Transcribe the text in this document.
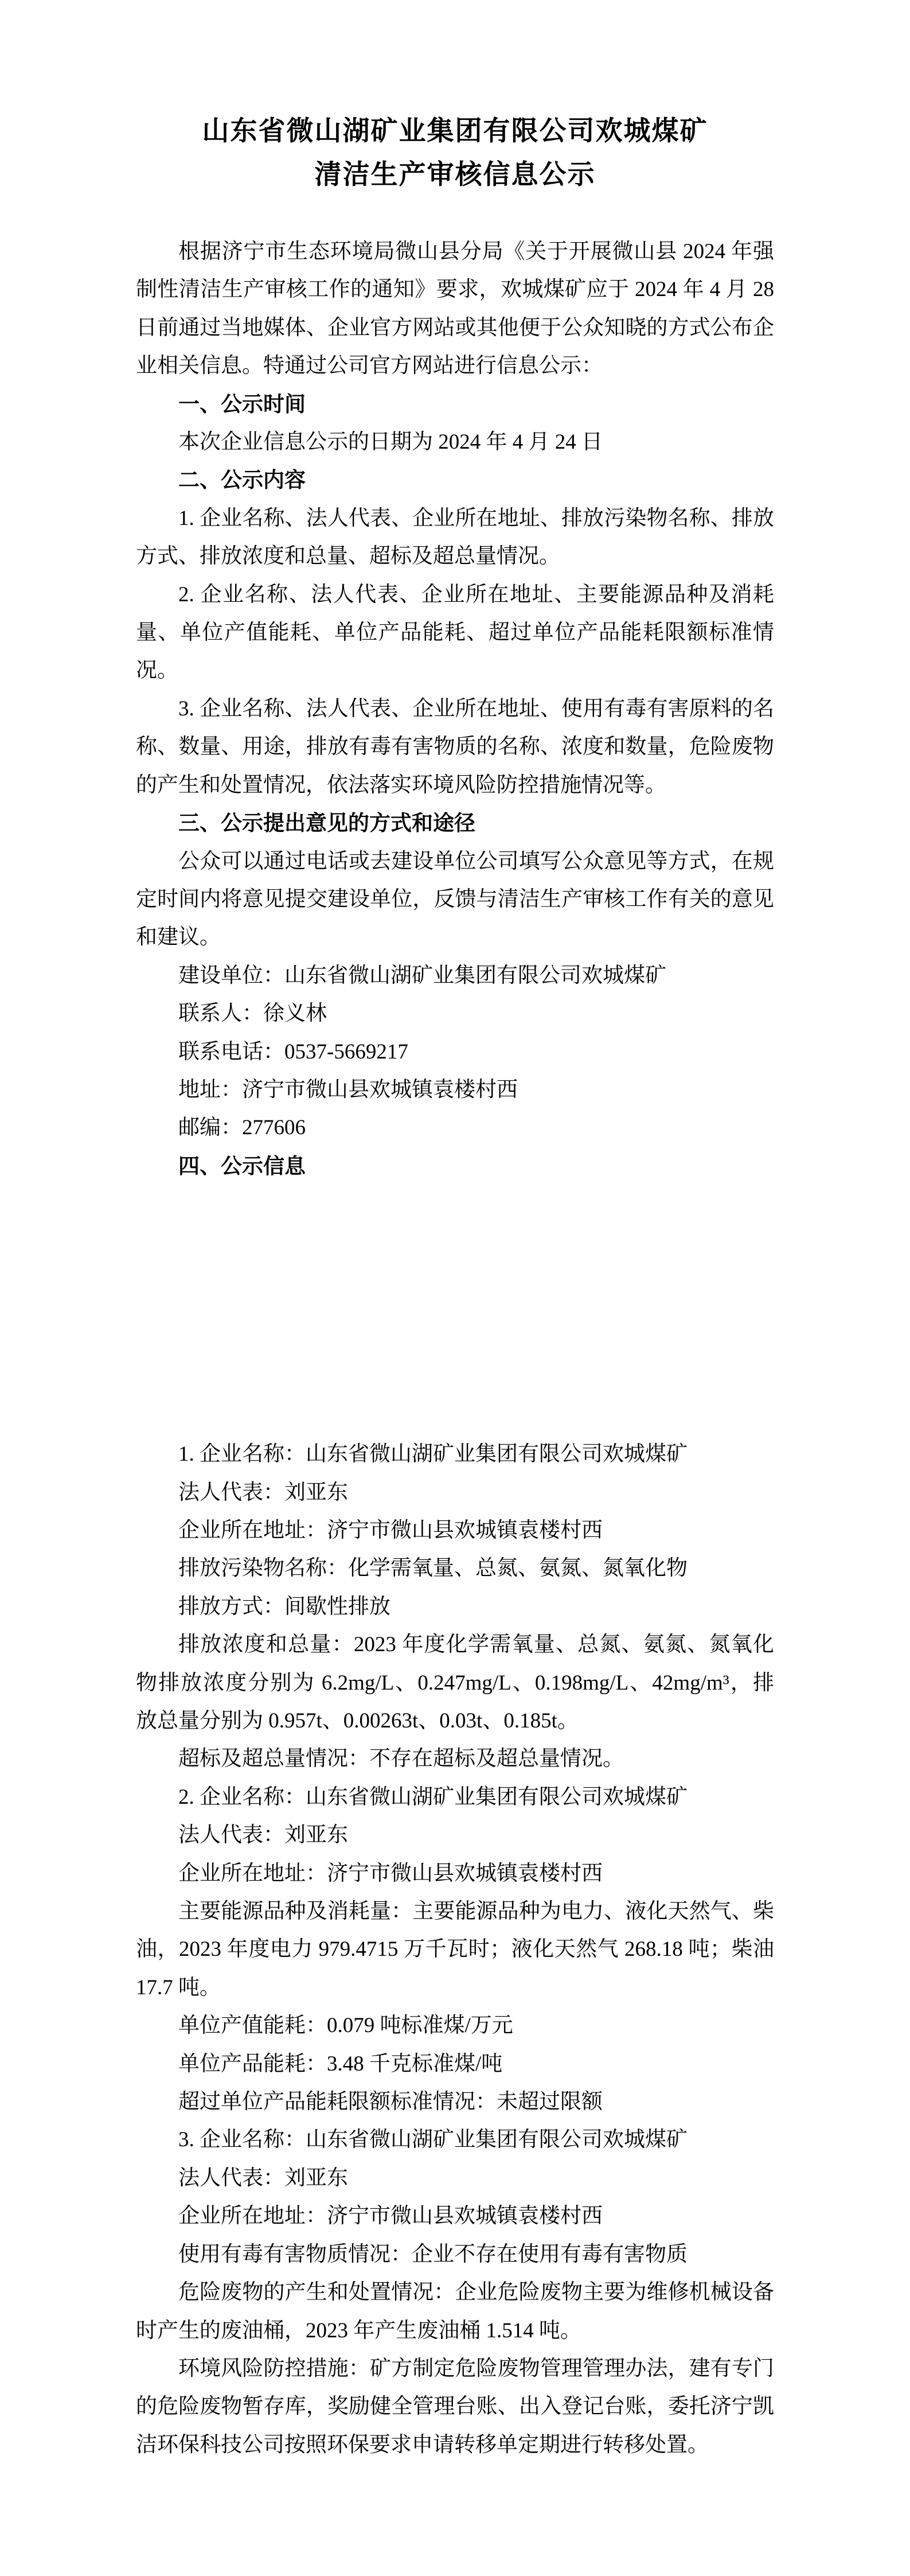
山东省微山湖矿业集团有限公司欢城煤矿
清洁生产审核信息公示

根据济宁市生态环境局微山县分局《关于开展微山县 2024 年强制性清洁生产审核工作的通知》要求，欢城煤矿应于 2024 年 4 月 28 日前通过当地媒体、企业官方网站或其他便于公众知晓的方式公布企业相关信息。特通过公司官方网站进行信息公示：

一、公示时间

本次企业信息公示的日期为 2024 年 4 月 24 日

二、公示内容

1. 企业名称、法人代表、企业所在地址、排放污染物名称、排放方式、排放浓度和总量、超标及超总量情况。

2. 企业名称、法人代表、企业所在地址、主要能源品种及消耗量、单位产值能耗、单位产品能耗、超过单位产品能耗限额标准情况。

3. 企业名称、法人代表、企业所在地址、使用有毒有害原料的名称、数量、用途，排放有毒有害物质的名称、浓度和数量，危险废物的产生和处置情况，依法落实环境风险防控措施情况等。

三、公示提出意见的方式和途径

公众可以通过电话或去建设单位公司填写公众意见等方式，在规定时间内将意见提交建设单位，反馈与清洁生产审核工作有关的意见和建议。

建设单位：山东省微山湖矿业集团有限公司欢城煤矿

联系人：徐义林

联系电话：0537-5669217

地址：济宁市微山县欢城镇袁楼村西

邮编：277606

四、公示信息

1. 企业名称：山东省微山湖矿业集团有限公司欢城煤矿

法人代表：刘亚东

企业所在地址：济宁市微山县欢城镇袁楼村西

排放污染物名称：化学需氧量、总氮、氨氮、氮氧化物

排放方式：间歇性排放

排放浓度和总量：2023 年度化学需氧量、总氮、氨氮、氮氧化物排放浓度分别为 6.2mg/L、0.247mg/L、0.198mg/L、42mg/m³，排放总量分别为 0.957t、0.00263t、0.03t、0.185t。

超标及超总量情况：不存在超标及超总量情况。

2. 企业名称：山东省微山湖矿业集团有限公司欢城煤矿

法人代表：刘亚东

企业所在地址：济宁市微山县欢城镇袁楼村西

主要能源品种及消耗量：主要能源品种为电力、液化天然气、柴油，2023 年度电力 979.4715 万千瓦时；液化天然气 268.18 吨；柴油 17.7 吨。

单位产值能耗：0.079 吨标准煤/万元

单位产品能耗：3.48 千克标准煤/吨

超过单位产品能耗限额标准情况：未超过限额

3. 企业名称：山东省微山湖矿业集团有限公司欢城煤矿

法人代表：刘亚东

企业所在地址：济宁市微山县欢城镇袁楼村西

使用有毒有害物质情况：企业不存在使用有毒有害物质

危险废物的产生和处置情况：企业危险废物主要为维修机械设备时产生的废油桶，2023 年产生废油桶 1.514 吨。

环境风险防控措施：矿方制定危险废物管理管理办法，建有专门的危险废物暂存库，奖励健全管理台账、出入登记台账，委托济宁凯洁环保科技公司按照环保要求申请转移单定期进行转移处置。
